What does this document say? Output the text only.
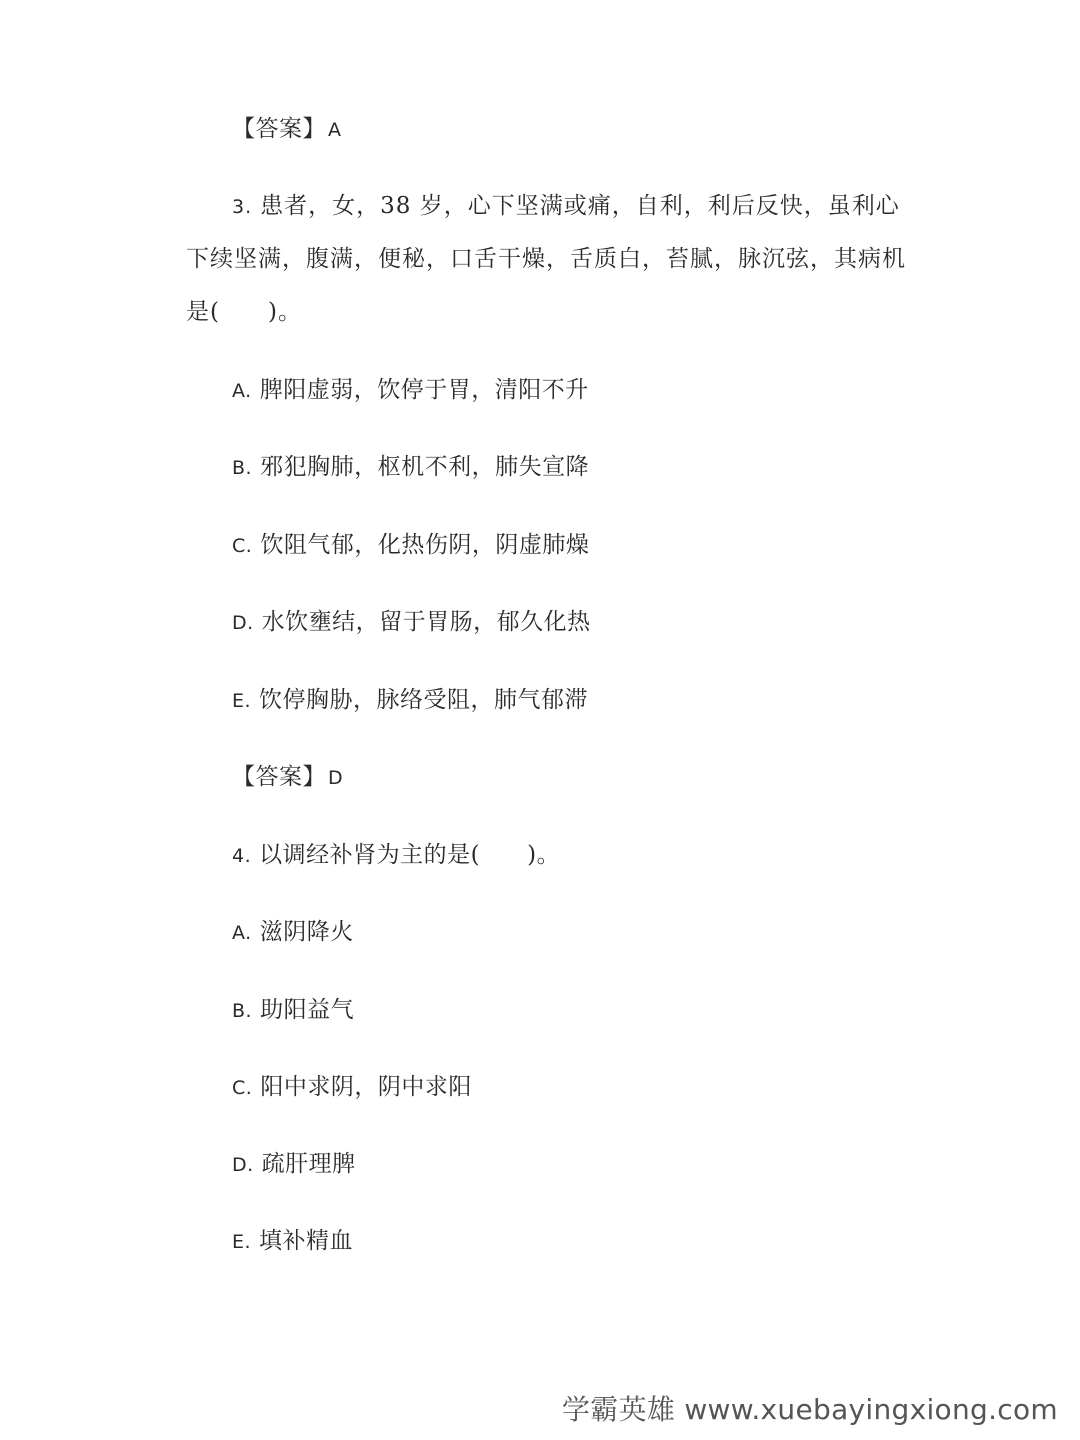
【答案】 A
3. 患者，女，38 岁，心下坚满或痛，自利，利后反快，虽利心
下续坚满，腹满，便秘，口舌干燥，舌质白，苔腻，脉沉弦，其病机
是(　　)。
A. 脾阳虚弱，饮停于胃，清阳不升
B. 邪犯胸肺，枢机不利，肺失宣降
C. 饮阻气郁，化热伤阴，阴虚肺燥
D. 水饮壅结，留于胃肠，郁久化热
E. 饮停胸胁，脉络受阻，肺气郁滞
【答案】 D
4. 以调经补肾为主的是(　　)。
A. 滋阴降火
B. 助阳益气
C. 阳中求阴，阴中求阳
D. 疏肝理脾
E. 填补精血
学霸英雄 www.xuebayingxiong.com
